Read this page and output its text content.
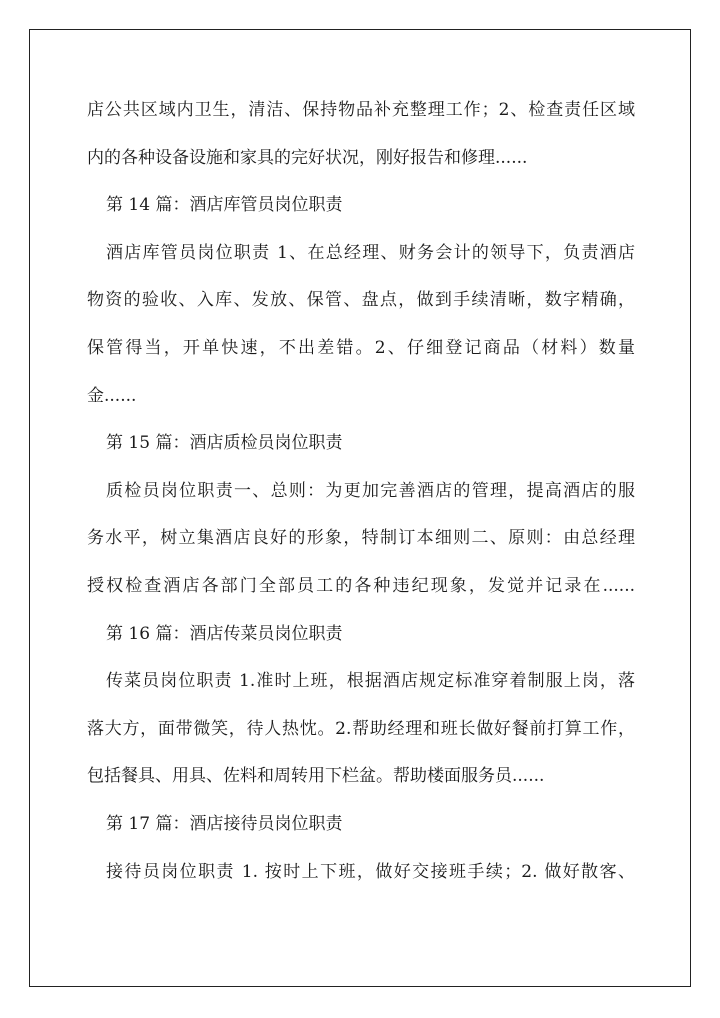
店公共区域内卫生，清洁、保持物品补充整理工作；2、检查责任区域
内的各种设备设施和家具的完好状况，刚好报告和修理......
第 14 篇：酒店库管员岗位职责
酒店库管员岗位职责 1、在总经理、财务会计的领导下，负责酒店
物资的验收、入库、发放、保管、盘点，做到手续清晰，数字精确，
保管得当，开单快速，不出差错。2、仔细登记商品（材料）数量
金......
第 15 篇：酒店质检员岗位职责
质检员岗位职责一、总则：为更加完善酒店的管理，提高酒店的服
务水平，树立集酒店良好的形象，特制订本细则二、原则：由总经理
授权检查酒店各部门全部员工的各种违纪现象，发觉并记录在......
第 16 篇：酒店传菜员岗位职责
传菜员岗位职责 1.准时上班，根据酒店规定标准穿着制服上岗，落
落大方，面带微笑，待人热忱。2.帮助经理和班长做好餐前打算工作，
包括餐具、用具、佐料和周转用下栏盆。帮助楼面服务员......
第 17 篇：酒店接待员岗位职责
接待员岗位职责 1. 按时上下班，做好交接班手续；2. 做好散客、
